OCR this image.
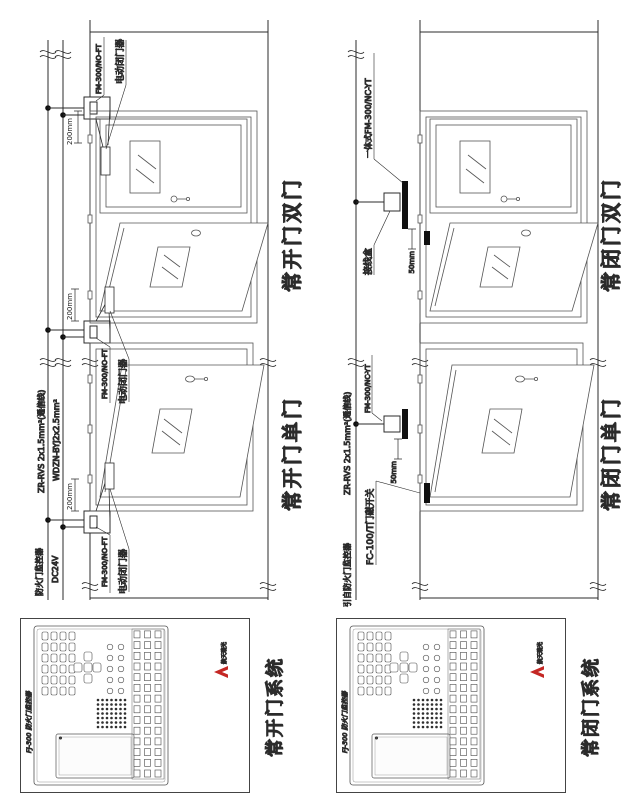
200mm
200mm
200mm
防火门监控器 DC24V
ZR-RVS 2x1.5mm²(通信线) WDZN-BYJ2x2.5mm²
FM-300/NO-FT 电动闭门器
FM-300/NO-FT 电动闭门器
FM-300/NO-FT 电动闭门器
常开门单门
常开门双门
FJ-300 防火门监控器
航天瑞光
常开门系统
50mm
50mm
引自防火门监控器
ZR-RVS 2x1.5mm²(通信线)
FM-300/NC-YT
FC-100/T门磁开关
接线盒
一体式FM-300/NC-YT
常闭门单门
常闭门双门
FJ-300 防火门监控器
航天瑞光
常闭门系统
